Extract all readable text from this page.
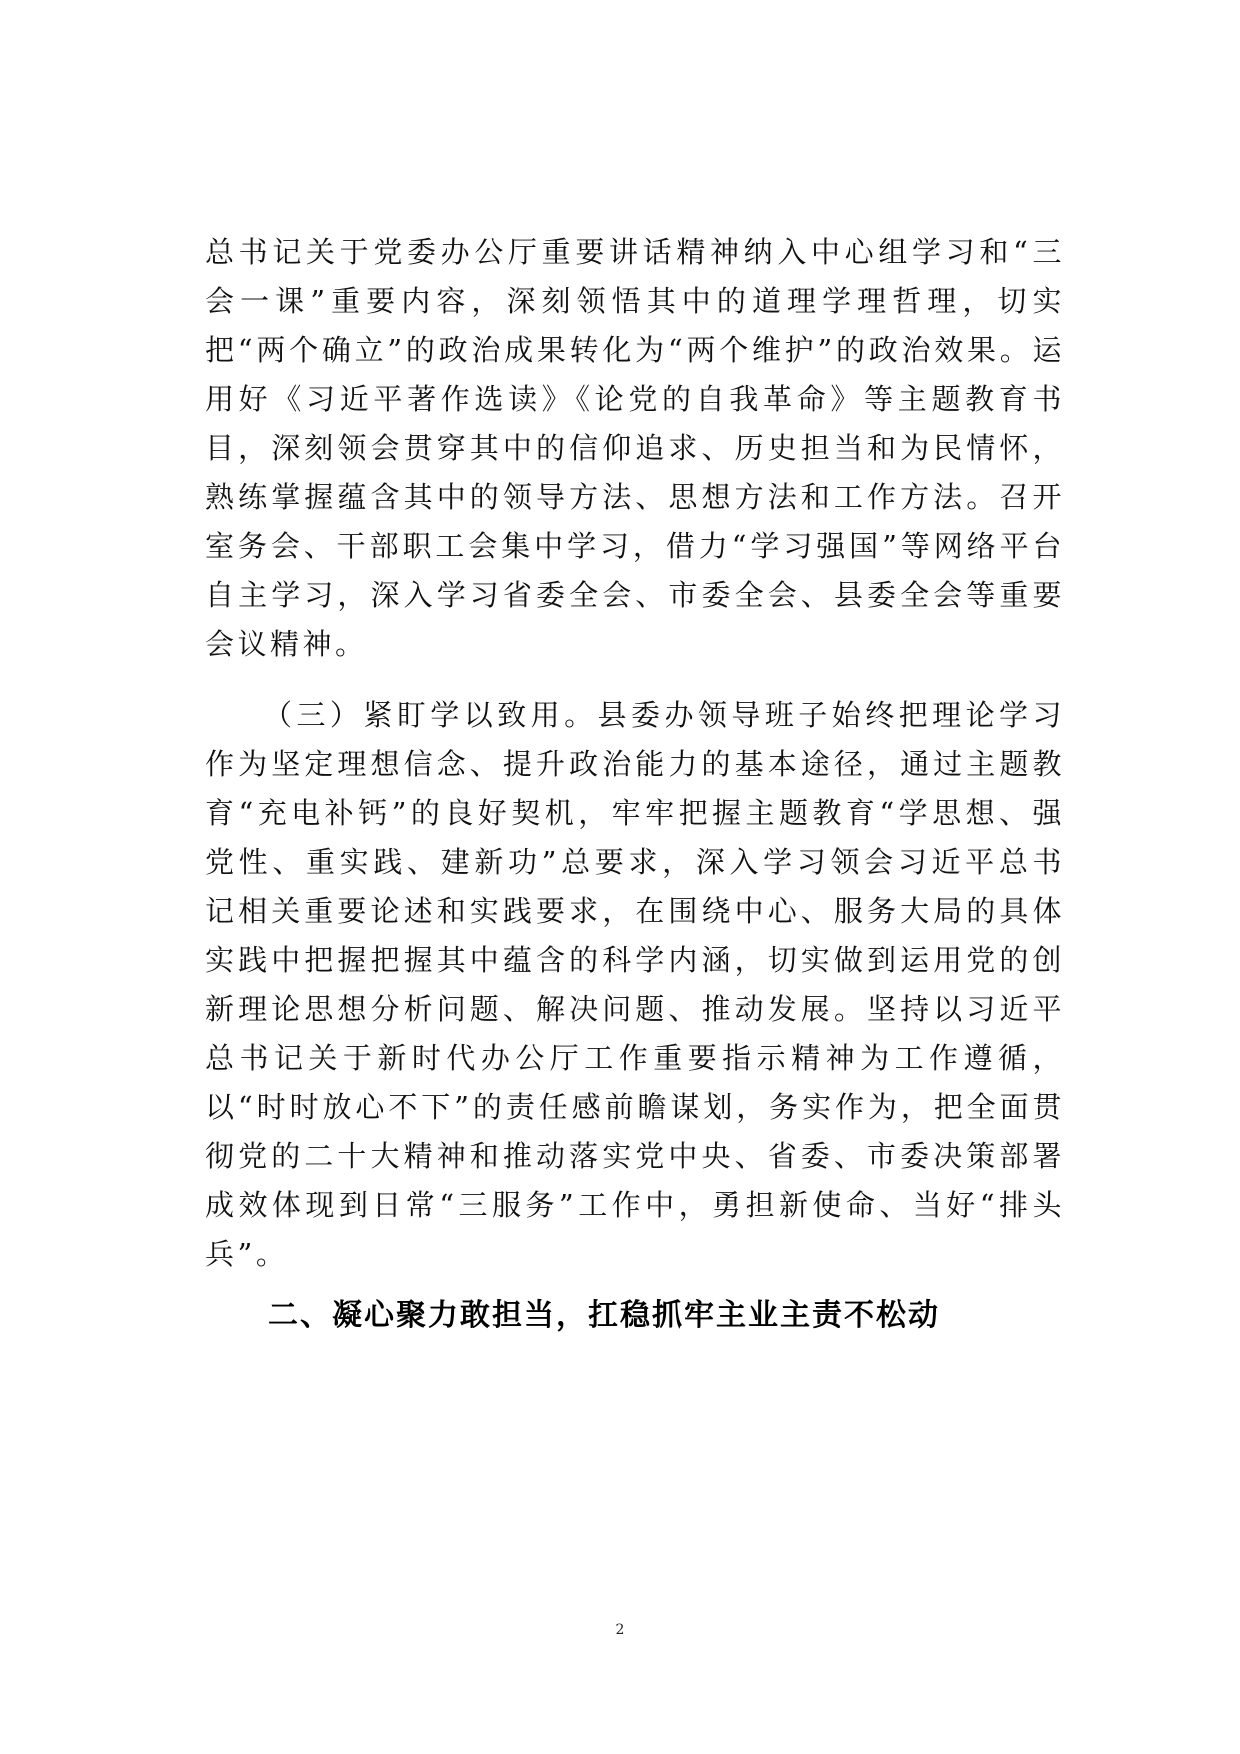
总书记关于党委办公厅重要讲话精神纳入中心组学习和“三会一课”重要内容，深刻领悟其中的道理学理哲理，切实把“两个确立”的政治成果转化为“两个维护”的政治效果。运用好《习近平著作选读》《论党的自我革命》等主题教育书目，深刻领会贯穿其中的信仰追求、历史担当和为民情怀，熟练掌握蕴含其中的领导方法、思想方法和工作方法。召开室务会、干部职工会集中学习，借力“学习强国”等网络平台自主学习，深入学习省委全会、市委全会、县委全会等重要会议精神。

（三）紧盯学以致用。县委办领导班子始终把理论学习作为坚定理想信念、提升政治能力的基本途径，通过主题教育“充电补钙”的良好契机，牢牢把握主题教育“学思想、强党性、重实践、建新功”总要求，深入学习领会习近平总书记相关重要论述和实践要求，在围绕中心、服务大局的具体实践中把握把握其中蕴含的科学内涵，切实做到运用党的创新理论思想分析问题、解决问题、推动发展。坚持以习近平总书记关于新时代办公厅工作重要指示精神为工作遵循，以“时时放心不下”的责任感前瞻谋划，务实作为，把全面贯彻党的二十大精神和推动落实党中央、省委、市委决策部署成效体现到日常“三服务”工作中，勇担新使命、当好“排头兵”。

二、凝心聚力敢担当，扛稳抓牢主业主责不松动
2
